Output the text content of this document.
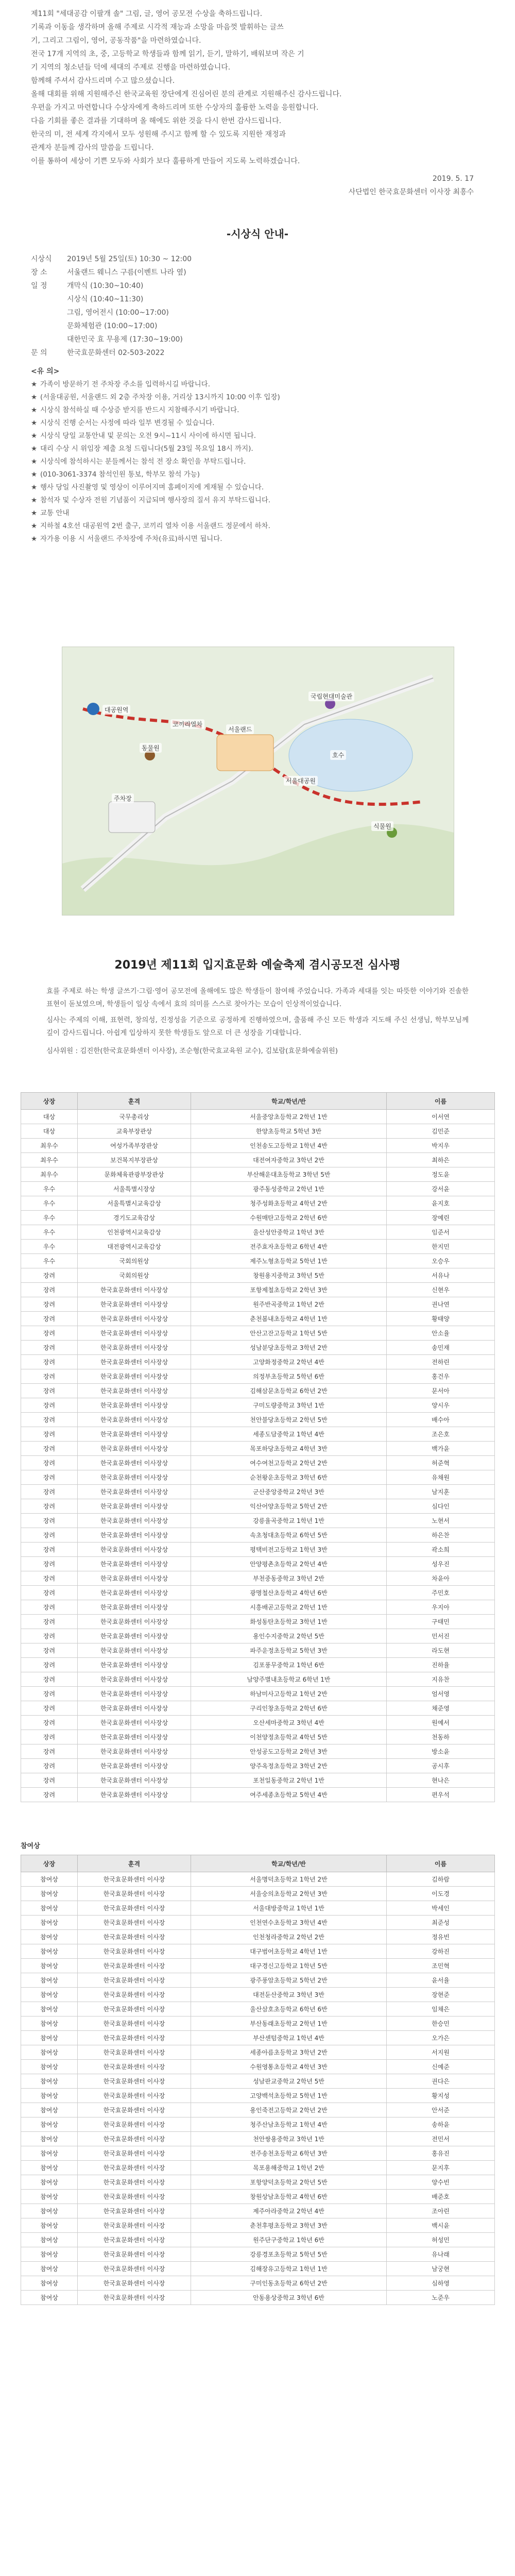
제11회 "세대공감 이팔개 솔" 그림, 글, 영어 공모전 수상을 축하드립니다.

기록과 이동을 생각하며 올해 주제로 시각적 재능과 소망을 마음껏 발휘하는 글쓰

기, 그리고 그림이, 영어, 공동작품"을 마련하였습니다.

전국 17개 지역의 초, 중, 고등학교 학생들과 함께 읽기, 듣기, 말하기, 배워보며 작은 기

기 지역의 청소년들 덕에 세대의 주제로 진행을 마련하였습니다.

함께해 주셔서 감사드리며 수고 많으셨습니다.

올해 대회를 위해 지원해주신 한국교육원 장단에게 진심어린 분의 관계로 지원해주신 감사드립니다.

우편을 가지고 마련합니다 수상자에게 축하드리며 또한 수상자의 훌륭한 노력을 응원합니다.

다음 기회를 좋은 결과를 기대하며 올 해에도 위한 것을 다시 한번 감사드립니다.

한국의 미, 전 세계 각지에서 모두 성원해 주시고 함께 할 수 있도록 지원한 재정과

관계자 분들께 감사의 말씀을 드립니다.

이를 통하여 세상이 기쁜 모두와 사회가 보다 훌륭하게 만들어 지도록 노력하겠습니다.

2019. 5. 17
사단법인 한국효문화센터 이사장 최흥수
-시상식 안내-
시상식	2019년 5월 25일(토) 10:30 ~ 12:00
장 소	서울랜드 웨니스 구름(이벤트 나라 옆)
일 정	개막식 (10:30~10:40)
시상식 (10:40~11:30)
그림, 영어전시 (10:00~17:00)
문화체험관 (10:00~17:00)
대한민국 효 무용제 (17:30~19:00)
문 의	한국효문화센터 02-503-2022
<유 의>
★ 가족이 방문하기 전 주차장 주소를 입력하시길 바랍니다.
★ (서울대공원, 서울랜드 외 2층 주차장 이용, 거리상 13시까지 10:00 이후 입장)
★ 시상식 참석하실 때 수상증 받지를 반드시 지참해주시기 바랍니다.
★ 시상식 진행 순서는 사정에 따라 일부 변경될 수 있습니다.
★ 시상식 당일 교통안내 및 문의는 오전 9시~11시 사이에 하시면 됩니다.
★ 대리 수상 시 위임장 제출 요청 드립니다(5월 23일 목요일 18시 까지).
★ 시상식에 참석하시는 분들께서는 참석 전 장소 확인을 부탁드립니다.
★ (010-3061-3374 참석인원 통보, 학부모 참석 가능)
★ 행사 당일 사진촬영 및 영상이 이루어지며 홈페이지에 게재될 수 있습니다.
★ 참석자 및 수상자 전원 기념품이 지급되며 행사장의 질서 유지 부탁드립니다.
★ 교통 안내
★ 지하철 4호선 대공원역 2번 출구, 코끼리 열차 이용 서울랜드 정문에서 하차.
★ 자가용 이용 시 서울랜드 주차장에 주차(유료)하시면 됩니다.
대공원역
서울랜드
국립현대미술관
서울대공원
주차장
코끼리열차
동물원
식물원
호수
2019년 제11회 입지효문화 예술축제 겸시공모전 심사평

효를 주제로 하는 학생 글쓰기·그림·영어 공모전에 올해에도 많은 학생들이 참여해 주었습니다. 가족과 세대를 잇는 따뜻한 이야기와 진솔한 표현이 돋보였으며, 학생들이 일상 속에서 효의 의미를 스스로 찾아가는 모습이 인상적이었습니다.

심사는 주제의 이해, 표현력, 창의성, 진정성을 기준으로 공정하게 진행하였으며, 출품해 주신 모든 학생과 지도해 주신 선생님, 학부모님께 깊이 감사드립니다. 아쉽게 입상하지 못한 학생들도 앞으로 더 큰 성장을 기대합니다.

심사위원 : 김진한(한국효문화센터 이사장), 조순형(한국효교육원 교수), 김보람(효문화예술위원)

상장	훈격	학교/학년/반	이름
대상	국무총리상	서울중앙초등학교 2학년 1반	이서연
대상	교육부장관상	한양초등학교 5학년 3반	김민준
최우수	여성가족부장관상	인천송도고등학교 1학년 4반	박지우
최우수	보건복지부장관상	대전여자중학교 3학년 2반	최하은
최우수	문화체육관광부장관상	부산해운대초등학교 3학년 5반	정도윤
우수	서울특별시장상	광주동성중학교 2학년 1반	강서윤
우수	서울특별시교육감상	청주성화초등학교 4학년 2반	윤지호
우수	경기도교육감상	수원매탄고등학교 2학년 6반	장예린
우수	인천광역시교육감상	울산성안중학교 1학년 3반	임준서
우수	대전광역시교육감상	전주효자초등학교 6학년 4반	한지민
우수	국회의원상	제주노형초등학교 5학년 1반	오승우
장려	국회의원상	창원용지중학교 3학년 5반	서유나
장려	한국효문화센터 이사장상	포항제철초등학교 2학년 3반	신현우
장려	한국효문화센터 이사장상	원주반곡중학교 1학년 2반	권나연
장려	한국효문화센터 이사장상	춘천봄내초등학교 4학년 1반	황태양
장려	한국효문화센터 이사장상	안산고잔고등학교 1학년 5반	안소율
장려	한국효문화센터 이사장상	성남분당초등학교 3학년 2반	송민재
장려	한국효문화센터 이사장상	고양화정중학교 2학년 4반	전하린
장려	한국효문화센터 이사장상	의정부초등학교 5학년 6반	홍건우
장려	한국효문화센터 이사장상	김해삼문초등학교 6학년 2반	문서아
장려	한국효문화센터 이사장상	구미도량중학교 3학년 1반	양시우
장려	한국효문화센터 이사장상	천안불당초등학교 2학년 5반	배수아
장려	한국효문화센터 이사장상	세종도담중학교 1학년 4반	조은호
장려	한국효문화센터 이사장상	목포하당초등학교 4학년 3반	백가윤
장려	한국효문화센터 이사장상	여수여천고등학교 2학년 2반	허준혁
장려	한국효문화센터 이사장상	순천왕운초등학교 3학년 6반	유채원
장려	한국효문화센터 이사장상	군산중앙중학교 2학년 3반	남지훈
장려	한국효문화센터 이사장상	익산어양초등학교 5학년 2반	심다인
장려	한국효문화센터 이사장상	강릉율곡중학교 1학년 1반	노현서
장려	한국효문화센터 이사장상	속초청대초등학교 6학년 5반	하은찬
장려	한국효문화센터 이사장상	평택비전고등학교 1학년 3반	곽소희
장려	한국효문화센터 이사장상	안양평촌초등학교 2학년 4반	성우진
장려	한국효문화센터 이사장상	부천중동중학교 3학년 2반	차윤아
장려	한국효문화센터 이사장상	광명철산초등학교 4학년 6반	주민호
장려	한국효문화센터 이사장상	시흥배곧고등학교 2학년 1반	우지아
장려	한국효문화센터 이사장상	화성동탄초등학교 3학년 1반	구태민
장려	한국효문화센터 이사장상	용인수지중학교 2학년 5반	민서진
장려	한국효문화센터 이사장상	파주운정초등학교 5학년 3반	라도현
장려	한국효문화센터 이사장상	김포풍무중학교 1학년 6반	진하율
장려	한국효문화센터 이사장상	남양주별내초등학교 6학년 1반	지유찬
장려	한국효문화센터 이사장상	하남미사고등학교 1학년 2반	엄서영
장려	한국효문화센터 이사장상	구리인창초등학교 2학년 6반	채준영
장려	한국효문화센터 이사장상	오산세마중학교 3학년 4반	원예서
장려	한국효문화센터 이사장상	이천양정초등학교 4학년 5반	천동하
장려	한국효문화센터 이사장상	안성공도고등학교 2학년 3반	방소윤
장려	한국효문화센터 이사장상	양주옥정초등학교 3학년 2반	공시후
장려	한국효문화센터 이사장상	포천일동중학교 2학년 1반	현나은
장려	한국효문화센터 이사장상	여주세종초등학교 5학년 4반	편우석
참여상
상장	훈격	학교/학년/반	이름
참여상	한국효문화센터 이사장	서울명덕초등학교 1학년 2반	김하람
참여상	한국효문화센터 이사장	서울숭의초등학교 2학년 3반	이도경
참여상	한국효문화센터 이사장	서울대방중학교 1학년 1반	박세인
참여상	한국효문화센터 이사장	인천연수초등학교 3학년 4반	최준성
참여상	한국효문화센터 이사장	인천청라중학교 2학년 2반	정유빈
참여상	한국효문화센터 이사장	대구범어초등학교 4학년 1반	강하진
참여상	한국효문화센터 이사장	대구경신고등학교 1학년 5반	조민혁
참여상	한국효문화센터 이사장	광주풍암초등학교 5학년 2반	윤서율
참여상	한국효문화센터 이사장	대전둔산중학교 3학년 3반	장현준
참여상	한국효문화센터 이사장	울산삼호초등학교 6학년 6반	임채은
참여상	한국효문화센터 이사장	부산동래초등학교 2학년 1반	한승민
참여상	한국효문화센터 이사장	부산센텀중학교 1학년 4반	오가은
참여상	한국효문화센터 이사장	세종아름초등학교 3학년 2반	서지원
참여상	한국효문화센터 이사장	수원영통초등학교 4학년 3반	신예준
참여상	한국효문화센터 이사장	성남판교중학교 2학년 5반	권다은
참여상	한국효문화센터 이사장	고양백석초등학교 5학년 1반	황지성
참여상	한국효문화센터 이사장	용인죽전고등학교 2학년 2반	안서준
참여상	한국효문화센터 이사장	청주산남초등학교 1학년 4반	송하윤
참여상	한국효문화센터 이사장	천안쌍용중학교 3학년 1반	전민서
참여상	한국효문화센터 이사장	전주송천초등학교 6학년 3반	홍유진
참여상	한국효문화센터 이사장	목포용해중학교 1학년 2반	문지후
참여상	한국효문화센터 이사장	포항양덕초등학교 2학년 5반	양수빈
참여상	한국효문화센터 이사장	창원상남초등학교 4학년 6반	배준호
참여상	한국효문화센터 이사장	제주아라중학교 2학년 4반	조아린
참여상	한국효문화센터 이사장	춘천후평초등학교 3학년 3반	백시윤
참여상	한국효문화센터 이사장	원주단구중학교 1학년 6반	허성민
참여상	한국효문화센터 이사장	강릉경포초등학교 5학년 5반	유나래
참여상	한국효문화센터 이사장	김해장유고등학교 1학년 1반	남궁현
참여상	한국효문화센터 이사장	구미인동초등학교 6학년 2반	심하영
참여상	한국효문화센터 이사장	안동용상중학교 3학년 6반	노준우
